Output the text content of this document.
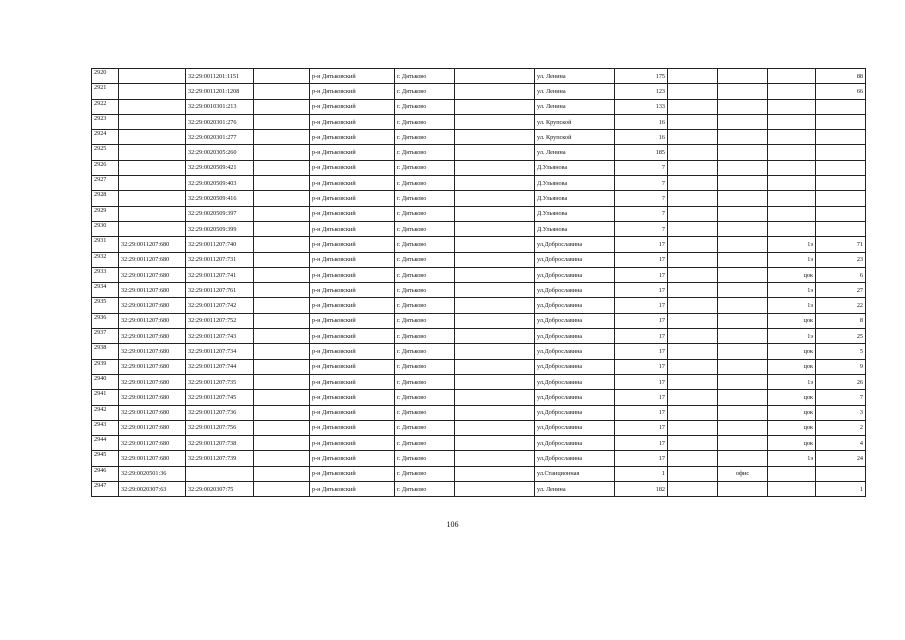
2920		32:29:0011201:1151		р-н Дятьковский	г. Дятьково		ул. Ленина	175				88
2921		32:29:0011201:1208		р-н Дятьковский	г. Дятьково		ул. Ленина	123				66
2922		32:29:0010301:213		р-н Дятьковский	г. Дятьково		ул. Ленина	133				
2923		32:29:0020301:276		р-н Дятьковский	г. Дятьково		ул. Крупской	16				
2924		32:29:0020301:277		р-н Дятьковский	г. Дятьково		ул. Крупской	16				
2925		32:29:0020305:260		р-н Дятьковский	г. Дятьково		ул. Ленина	185				
2926		32:29:0020509:421		р-н Дятьковский	г. Дятьково		Д.Ульянова	7				
2927		32:29:0020509:403		р-н Дятьковский	г. Дятьково		Д.Ульянова	7				
2928		32:29:0020509:416		р-н Дятьковский	г. Дятьково		Д.Ульянова	7				
2929		32:29:0020509:397		р-н Дятьковский	г. Дятьково		Д.Ульянова	7				
2930		32:29:0020509:399		р-н Дятьковский	г. Дятьково		Д.Ульянова	7				
2931	32:29:0011207:680	32:29:0011207:740		р-н Дятьковский	г. Дятьково		ул.Доброславина	17			1э	71
2932	32:29:0011207:680	32:29:0011207:731		р-н Дятьковский	г. Дятьково		ул.Доброславина	17			1э	23
2933	32:29:0011207:680	32:29:0011207:741		р-н Дятьковский	г. Дятьково		ул.Доброславина	17			цок	6
2934	32:29:0011207:680	32:29:0011207:761		р-н Дятьковский	г. Дятьково		ул.Доброславина	17			1э	27
2935	32:29:0011207:680	32:29:0011207:742		р-н Дятьковский	г. Дятьково		ул.Доброславина	17			1э	22
2936	32:29:0011207:680	32:29:0011207:752		р-н Дятьковский	г. Дятьково		ул.Доброславина	17			цок	8
2937	32:29:0011207:680	32:29:0011207:743		р-н Дятьковский	г. Дятьково		ул.Доброславина	17			1э	25
2938	32:29:0011207:680	32:29:0011207:734		р-н Дятьковский	г. Дятьково		ул.Доброславина	17			цок	5
2939	32:29:0011207:680	32:29:0011207:744		р-н Дятьковский	г. Дятьково		ул.Доброславина	17			цок	9
2940	32:29:0011207:680	32:29:0011207:735		р-н Дятьковский	г. Дятьково		ул.Доброславина	17			1э	26
2941	32:29:0011207:680	32:29:0011207:745		р-н Дятьковский	г. Дятьково		ул.Доброславина	17			цок	7
2942	32:29:0011207:680	32:29:0011207:736		р-н Дятьковский	г. Дятьково		ул.Доброславина	17			цок	3
2943	32:29:0011207:680	32:29:0011207:756		р-н Дятьковский	г. Дятьково		ул.Доброславина	17			цок	2
2944	32:29:0011207:680	32:29:0011207:738		р-н Дятьковский	г. Дятьково		ул.Доброславина	17			цок	4
2945	32:29:0011207:680	32:29:0011207:739		р-н Дятьковский	г. Дятьково		ул.Доброславина	17			1э	24
2946	32:29:0020501:36			р-н Дятьковский	г. Дятьково		ул.Станционная	1		офис		
2947	32:29:0020307:63	32:29:0020307:75		р-н Дятьковский	г. Дятьково		ул. Ленина	182				1
106
